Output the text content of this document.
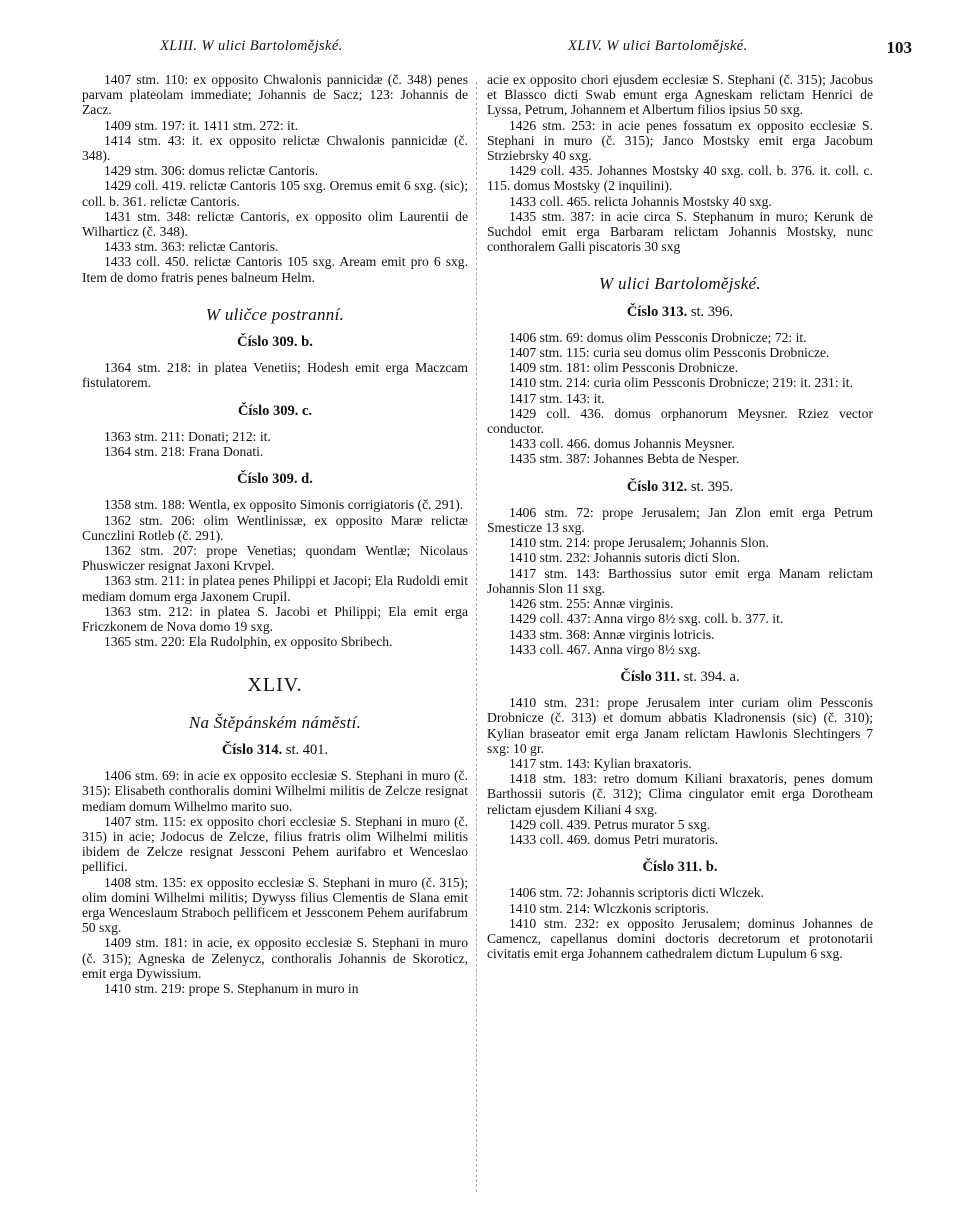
XLIII. W ulici Bartolomějské.	XLIV. W ulici Bartolomějské.	103

1407 stm. 110: ex opposito Chwalonis pannicidæ (č. 348) penes parvam plateolam immediate; Johannis de Sacz; 123: Johannis de Zacz.

1409 stm. 197: it. 1411 stm. 272: it.

1414 stm. 43: it. ex opposito relictæ Chwalonis pannicidæ (č. 348).

1429 stm. 306: domus relictæ Cantoris.

1429 coll. 419. relictæ Cantoris 105 sxg. Oremus emit 6 sxg. (sic); coll. b. 361. relictæ Cantoris.

1431 stm. 348: relictæ Cantoris, ex opposito olim Laurentii de Wilharticz (č. 348).

1433 stm. 363: relictæ Cantoris.

1433 coll. 450. relictæ Cantoris 105 sxg. Aream emit pro 6 sxg. Item de domo fratris penes balneum Helm.

W uličce postranní.
Číslo 309. b.

1364 stm. 218: in platea Venetiis; Hodesh emit erga Maczcam fistulatorem.

Číslo 309. c.

1363 stm. 211: Donati; 212: it.

1364 stm. 218: Frana Donati.

Číslo 309. d.

1358 stm. 188: Wentla, ex opposito Simonis corrigiatoris (č. 291).

1362 stm. 206: olim Wentlinissæ, ex opposito Maræ relictæ Cunczlini Rotleb (č. 291).

1362 stm. 207: prope Venetias; quondam Wentlæ; Nicolaus Phuswiczer resignat Jaxoni Krvpel.

1363 stm. 211: in platea penes Philippi et Jacopi; Ela Rudoldi emit mediam domum erga Jaxonem Crupil.

1363 stm. 212: in platea S. Jacobi et Philippi; Ela emit erga Friczkonem de Nova domo 19 sxg.

1365 stm. 220: Ela Rudolphin, ex opposito Sbribech.

XLIV.
Na Štěpánském náměstí.
Číslo 314. st. 401.

1406 stm. 69: in acie ex opposito ecclesiæ S. Stephani in muro (č. 315): Elisabeth conthoralis domini Wilhelmi militis de Zelcze resignat mediam domum Wilhelmo marito suo.

1407 stm. 115: ex opposito chori ecclesiæ S. Stephani in muro (č. 315) in acie; Jodocus de Zelcze, filius fratris olim Wilhelmi militis ibidem de Zelcze resignat Jessconi Pehem aurifabro et Wenceslao pellifici.

1408 stm. 135: ex opposito ecclesiæ S. Stephani in muro (č. 315); olim domini Wilhelmi militis; Dywyss filius Clementis de Slana emit erga Wenceslaum Straboch pellificem et Jessconem Pehem aurifabrum 50 sxg.

1409 stm. 181: in acie, ex opposito ecclesiæ S. Stephani in muro (č. 315); Agneska de Zelenycz, conthoralis Johannis de Skoroticz, emit erga Dywissium.

1410 stm. 219: prope S. Stephanum in muro in

acie ex opposito chori ejusdem ecclesiæ S. Stephani (č. 315); Jacobus et Blassco dicti Swab emunt erga Agneskam relictam Henrici de Lyssa, Petrum, Johannem et Albertum filios ipsius 50 sxg.

1426 stm. 253: in acie penes fossatum ex opposito ecclesiæ S. Stephani in muro (č. 315); Janco Mostsky emit erga Jacobum Strziebrsky 40 sxg.

1429 coll. 435. Johannes Mostsky 40 sxg. coll. b. 376. it. coll. c. 115. domus Mostsky (2 inquilini).

1433 coll. 465. relicta Johannis Mostsky 40 sxg.

1435 stm. 387: in acie circa S. Stephanum in muro; Kerunk de Suchdol emit erga Barbaram relictam Johannis Mostsky, nunc conthoralem Galli piscatoris 30 sxg

W ulici Bartolomějské.
Číslo 313. st. 396.

1406 stm. 69: domus olim Pessconis Drobnicze; 72: it.

1407 stm. 115: curia seu domus olim Pessconis Drobnicze.

1409 stm. 181: olim Pessconis Drobnicze.

1410 stm. 214: curia olim Pessconis Drobnicze; 219: it. 231: it.

1417 stm. 143: it.

1429 coll. 436. domus orphanorum Meysner. Rziez vector conductor.

1433 coll. 466. domus Johannis Meysner.

1435 stm. 387: Johannes Bebta de Nesper.

Číslo 312. st. 395.

1406 stm. 72: prope Jerusalem; Jan Zlon emit erga Petrum Smesticze 13 sxg.

1410 stm. 214: prope Jerusalem; Johannis Slon.

1410 stm. 232: Johannis sutoris dicti Slon.

1417 stm. 143: Barthossius sutor emit erga Manam relictam Johannis Slon 11 sxg.

1426 stm. 255: Annæ virginis.

1429 coll. 437: Anna virgo 8½ sxg. coll. b. 377. it.

1433 stm. 368: Annæ virginis lotricis.

1433 coll. 467. Anna virgo 8½ sxg.

Číslo 311. st. 394. a.

1410 stm. 231: prope Jerusalem inter curiam olim Pessconis Drobnicze (č. 313) et domum abbatis Kladronensis (sic) (č. 310); Kylian braseator emit erga Janam relictam Hawlonis Slechtingers 7 sxg: 10 gr.

1417 stm. 143: Kylian braxatoris.

1418 stm. 183: retro domum Kiliani braxatoris, penes domum Barthossii sutoris (č. 312); Clima cingulator emit erga Dorotheam relictam ejusdem Kiliani 4 sxg.

1429 coll. 439. Petrus murator 5 sxg.

1433 coll. 469. domus Petri muratoris.

Číslo 311. b.

1406 stm. 72: Johannis scriptoris dicti Wlczek.

1410 stm. 214: Wlczkonis scriptoris.

1410 stm. 232: ex opposito Jerusalem; dominus Johannes de Camencz, capellanus domini doctoris decretorum et protonotarii civitatis emit erga Johannem cathedralem dictum Lupulum 6 sxg.
